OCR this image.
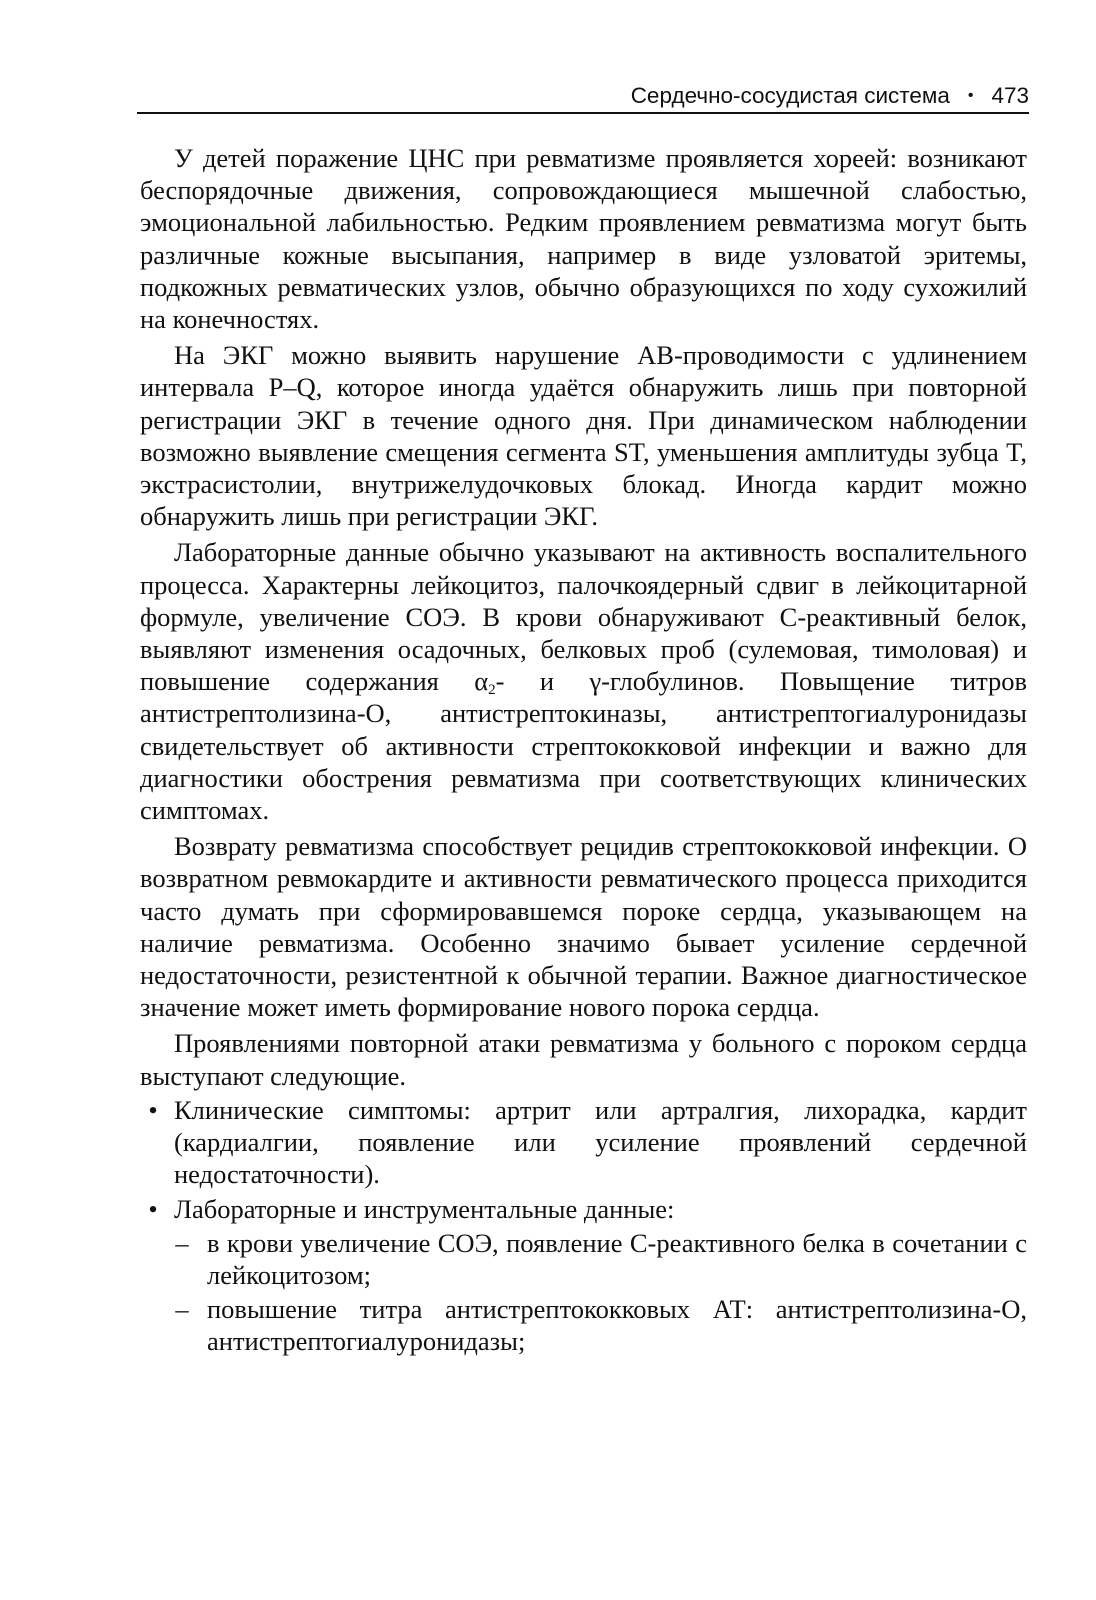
Сердечно-сосудистая система • 473

У детей поражение ЦНС при ревматизме проявляется хореей: возникают беспорядочные движения, сопровождающиеся мышечной слабостью, эмоциональной лабильностью. Редким проявлением ревматизма могут быть различные кожные высыпания, например в виде узловатой эритемы, подкожных ревматических узлов, обычно образующихся по ходу сухожилий на конечностях.

На ЭКГ можно выявить нарушение АВ-проводимости с удлинением интервала P–Q, которое иногда удаётся обнаружить лишь при повторной регистрации ЭКГ в течение одного дня. При динамическом наблюдении возможно выявление смещения сегмента ST, уменьшения амплитуды зубца T, экстрасистолии, внутрижелудочковых блокад. Иногда кардит можно обнаружить лишь при регистрации ЭКГ.

Лабораторные данные обычно указывают на активность воспалительного процесса. Характерны лейкоцитоз, палочкоядерный сдвиг в лейкоцитарной формуле, увеличение СОЭ. В крови обнаруживают С-реактивный белок, выявляют изменения осадочных, белковых проб (сулемовая, тимоловая) и повышение содержания $\alpha_2-$ и γ-глобулинов. Повыщение титров антистрептолизина-O, антистрептокиназы, антистрептогиалуронидазы свидетельствует об активности стрептококковой инфекции и важно для диагностики обострения ревматизма при соответствующих клинических симптомах.

Возврату ревматизма способствует рецидив стрептококковой инфекции. О возвратном ревмокардите и активности ревматического процесса приходится часто думать при сформировавшемся пороке сердца, указывающем на наличие ревматизма. Особенно значимо бывает усиление сердечной недостаточности, резистентной к обычной терапии. Важное диагностическое значение может иметь формирование нового порока сердца.

Проявлениями повторной атаки ревматизма у больного с пороком сердца выступают следующие.

• Клинические симптомы: артрит или артралгия, лихорадка, кардит (кардиалгии, появление или усиление проявлений сердечной недостаточности).
• Лабораторные и инструментальные данные:
– в крови увеличение СОЭ, появление С-реактивного белка в сочетании с лейкоцитозом;
– повышение титра антистрептококковых АТ: антистрептолизина-O, антистрептогиалуронидазы;
